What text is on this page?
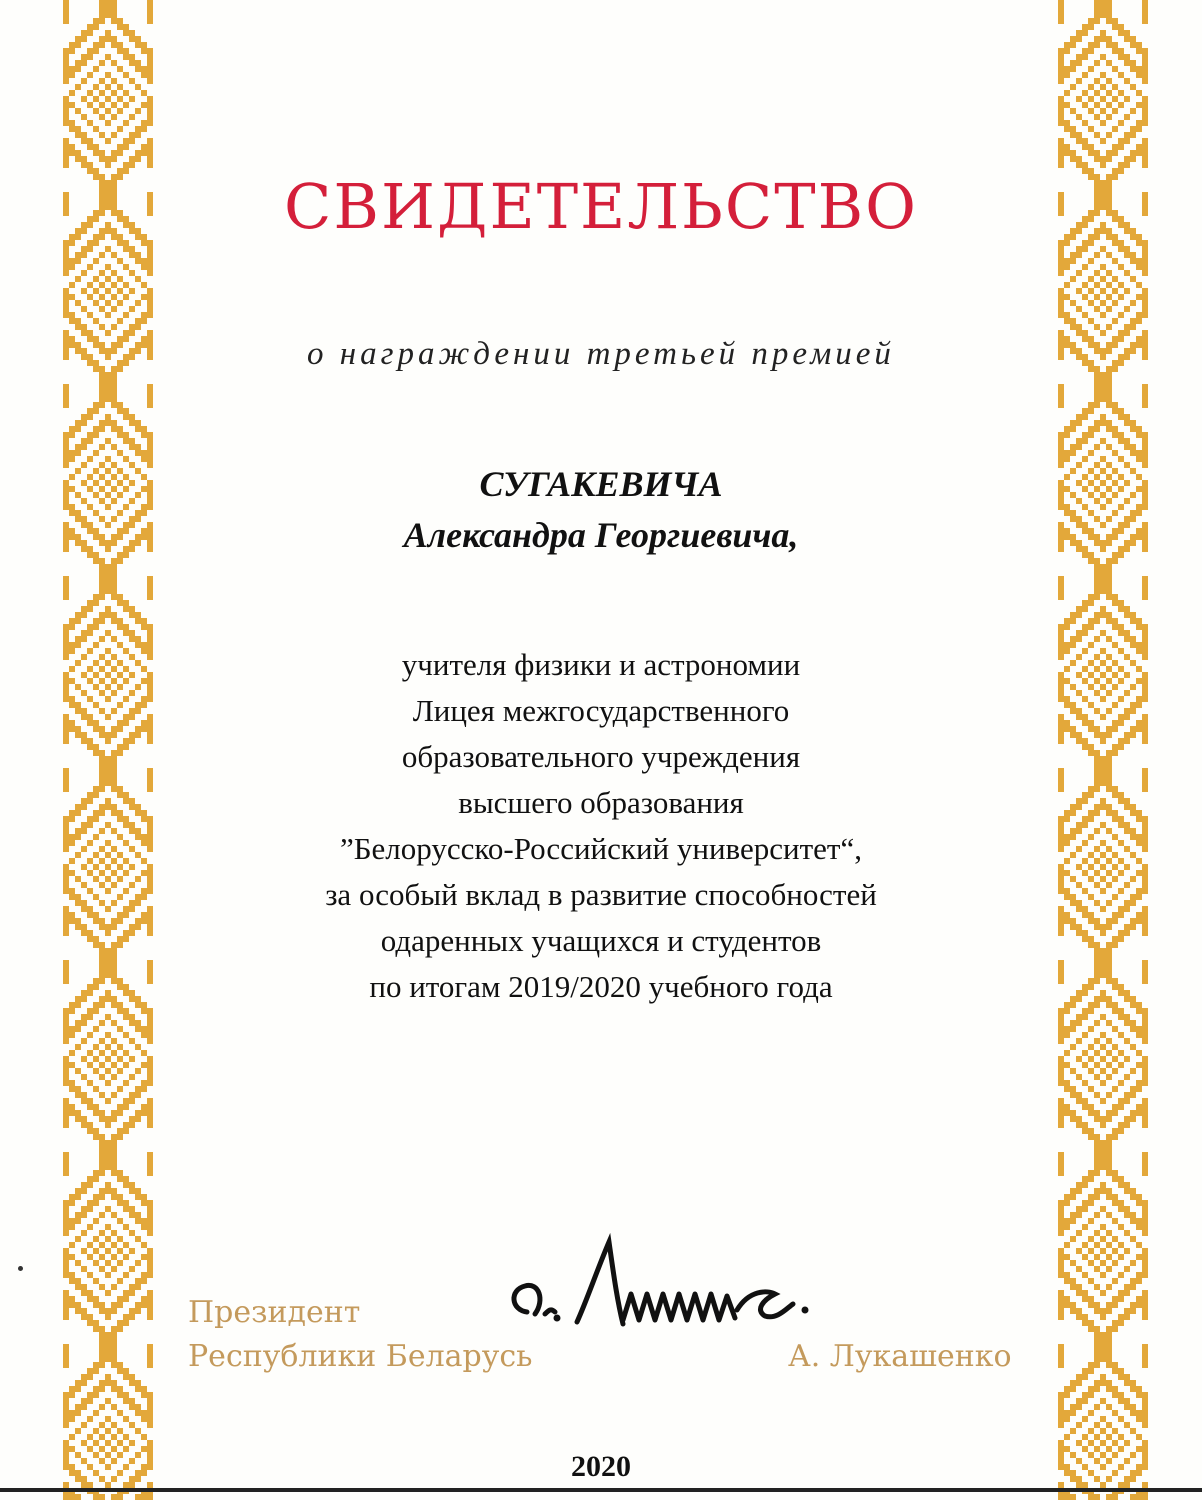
СВИДЕТЕЛЬСТВО
о награждении третьей премией
СУГАКЕВИЧА
Александра Георгиевича,
учителя физики и астрономии
Лицея межгосударственного
образовательного учреждения
высшего образования
”Белорусско-Российский университет“,
за особый вклад в развитие способностей
одаренных учащихся и студентов
по итогам 2019/2020 учебного года
Президент
Республики Беларусь	А. Лукашенко
2020
